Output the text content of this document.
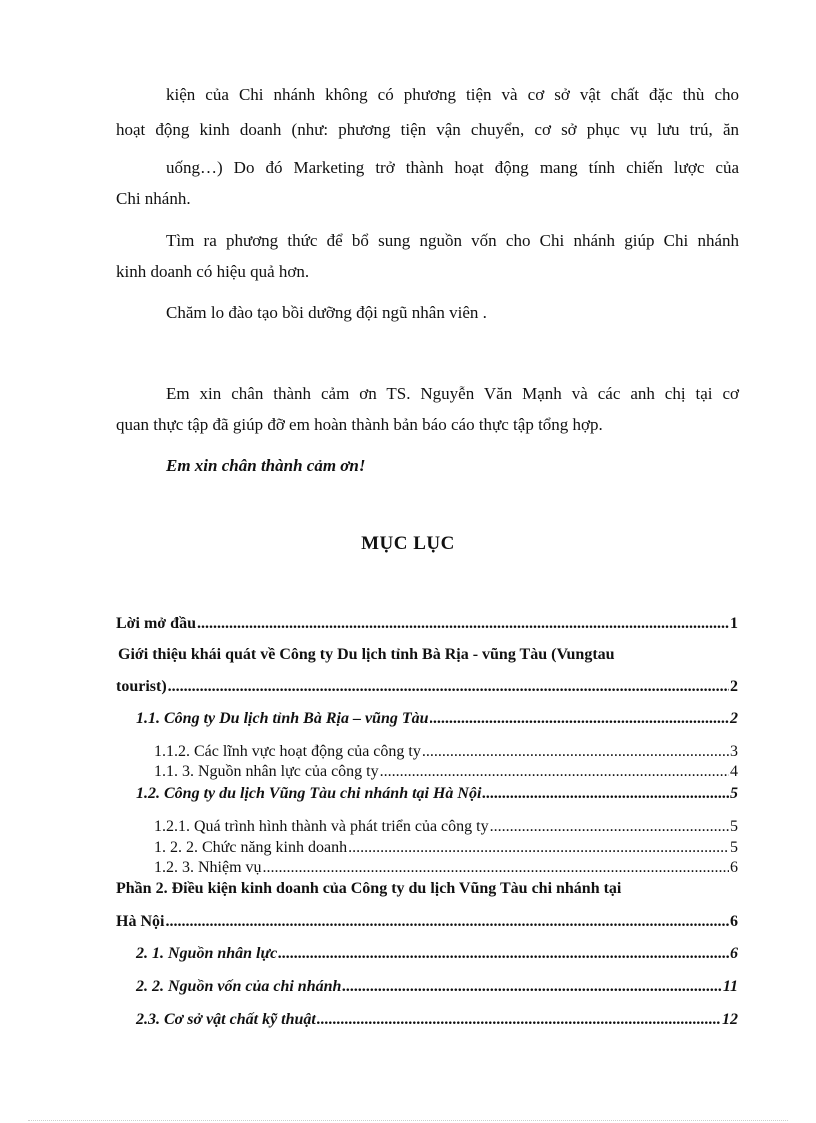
kiện của Chi nhánh không có phương tiện và cơ sở vật chất đặc thù cho

hoạt động kinh doanh (như: phương tiện vận chuyển, cơ sở phục vụ lưu trú, ăn

uống…) Do đó Marketing trở thành hoạt động mang tính chiến lược của

Chi nhánh.

Tìm ra phương thức để bổ sung nguồn vốn cho Chi nhánh giúp Chi nhánh

kinh doanh có hiệu quả hơn.

Chăm lo đào tạo bồi dưỡng đội ngũ nhân viên .

Em xin chân thành cảm ơn TS. Nguyễn Văn Mạnh và các anh chị tại cơ

quan thực tập đã giúp đỡ em hoàn thành bản báo cáo thực tập tổng hợp.

Em xin chân thành cảm ơn!
MỤC LỤC
Lời mở đầu .....	1
Giới thiệu khái quát về Công ty Du lịch tỉnh Bà Rịa - vũng Tàu (Vungtau
tourist) .....	2
1.1. Công ty Du lịch tỉnh Bà Rịa – vũng Tàu .....	2
1.1.2. Các lĩnh vực hoạt động của công ty .....	3
1.1. 3. Nguồn nhân lực của công ty .....	4
1.2. Công ty du lịch Vũng Tàu chi nhánh tại Hà Nội .....	5
1.2.1. Quá trình hình thành và phát triển của công ty .....	5
1. 2. 2. Chức năng kinh doanh .....	5
1.2. 3. Nhiệm vụ .....	6
Phần 2. Điều kiện kinh doanh của Công ty du lịch Vũng Tàu chi nhánh tại
Hà Nội .....	6
2. 1. Nguồn nhân lực .....	6
2. 2. Nguồn vốn của chi nhánh .....	11
2.3. Cơ sở vật chất kỹ thuật .....	12
